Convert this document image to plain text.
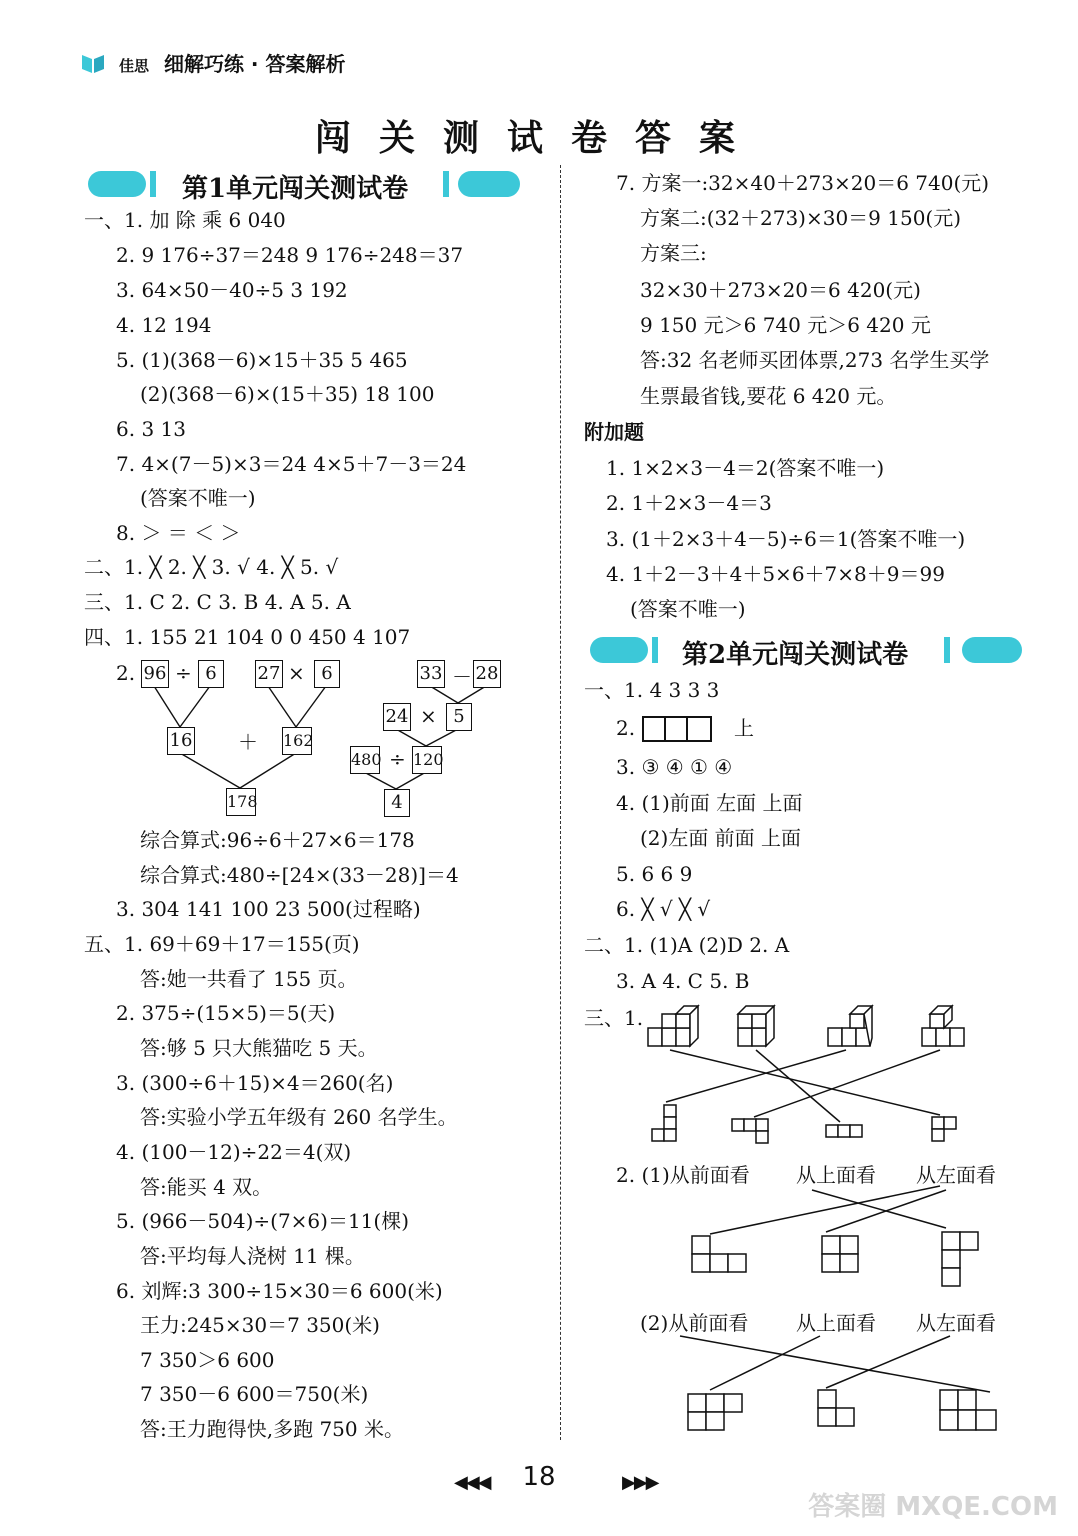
佳思 细解巧练 · 答案解析
闯关测试卷答案
第1单元闯关测试卷
一、1. 加 除 乘 6 040
2. 9 176÷37＝248 9 176÷248＝37
3. 64×50－40÷5 3 192
4. 12 194
5. (1)(368－6)×15＋35 5 465
(2)(368－6)×(15＋35) 18 100
6. 3 13
7. 4×(7－5)×3＝24 4×5＋7－3＝24
(答案不唯一)
8. ＞ ＝ ＜ ＞
二、1. ╳ 2. ╳ 3. √ 4. ╳ 5. √
三、1. C 2. C 3. B 4. A 5. A
四、1. 155 21 104 0 0 450 4 107
2. 96 ÷ 6	27 × 6
16 ＋ 162
178
33 － 28
24 × 5
480 ÷ 120
4
综合算式:96÷6＋27×6＝178
综合算式:480÷[24×(33－28)]＝4
3. 304 141 100 23 500(过程略)
五、1. 69＋69＋17＝155(页)
答:她一共看了 155 页。
2. 375÷(15×5)＝5(天)
答:够 5 只大熊猫吃 5 天。
3. (300÷6＋15)×4＝260(名)
答:实验小学五年级有 260 名学生。
4. (100－12)÷22＝4(双)
答:能买 4 双。
5. (966－504)÷(7×6)＝11(棵)
答:平均每人浇树 11 棵。
6. 刘辉:3 300÷15×30＝6 600(米)
王力:245×30＝7 350(米)
7 350＞6 600
7 350－6 600＝750(米)
答:王力跑得快,多跑 750 米。
7. 方案一:32×40＋273×20＝6 740(元)
方案二:(32＋273)×30＝9 150(元)
方案三:
32×30＋273×20＝6 420(元)
9 150 元＞6 740 元＞6 420 元
答:32 名老师买团体票,273 名学生买学
生票最省钱,要花 6 420 元。
附加题
1. 1×2×3－4＝2(答案不唯一)
2. 1＋2×3－4＝3
3. (1＋2×3＋4－5)÷6＝1(答案不唯一)
4. 1＋2－3＋4＋5×6＋7×8＋9＝99
(答案不唯一)
第2单元闯关测试卷
一、1. 4 3 3 3
2.	上
3. ③ ④ ① ④
4. (1)前面 左面 上面
(2)左面 前面 上面
5. 6 6 9
6. ╳ √ ╳ √
二、1. (1)A (2)D 2. A
3. A 4. C 5. B
三、1.
2. (1)从前面看 从上面看 从左面看
(2)从前面看 从上面看 从左面看
◀◀◀	18	▶▶▶
答案圈 MXQE.COM
